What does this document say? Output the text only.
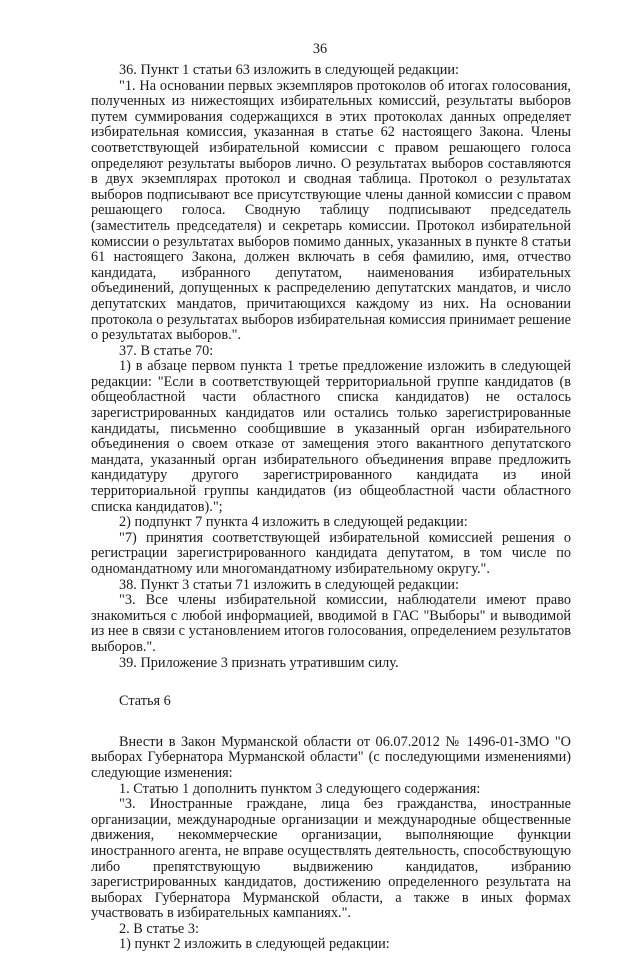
36

36. Пункт 1 статьи 63 изложить в следующей редакции:

"1. На основании первых экземпляров протоколов об итогах голосования, полученных из нижестоящих избирательных комиссий, результаты выборов путем суммирования содержащихся в этих протоколах данных определяет избирательная комиссия, указанная в статье 62 настоящего Закона. Члены соответствующей избирательной комиссии с правом решающего голоса определяют результаты выборов лично. О результатах выборов составляются в двух экземплярах протокол и сводная таблица. Протокол о результатах выборов подписывают все присутствующие члены данной комиссии с правом решающего голоса. Сводную таблицу подписывают председатель (заместитель председателя) и секретарь комиссии. Протокол избирательной комиссии о результатах выборов помимо данных, указанных в пункте 8 статьи 61 настоящего Закона, должен включать в себя фамилию, имя, отчество кандидата, избранного депутатом, наименования избирательных объединений, допущенных к распределению депутатских мандатов, и число депутатских мандатов, причитающихся каждому из них. На основании протокола о результатах выборов избирательная комиссия принимает решение о результатах выборов.".

37. В статье 70:

1) в абзаце первом пункта 1 третье предложение изложить в следующей редакции: "Если в соответствующей территориальной группе кандидатов (в общеобластной части областного списка кандидатов) не осталось зарегистрированных кандидатов или остались только зарегистрированные кандидаты, письменно сообщившие в указанный орган избирательного объединения о своем отказе от замещения этого вакантного депутатского мандата, указанный орган избирательного объединения вправе предложить кандидатуру другого зарегистрированного кандидата из иной территориальной группы кандидатов (из общеобластной части областного списка кандидатов).";

2) подпункт 7 пункта 4 изложить в следующей редакции:

"7) принятия соответствующей избирательной комиссией решения о регистрации зарегистрированного кандидата депутатом, в том числе по одномандатному или многомандатному избирательному округу.".

38. Пункт 3 статьи 71 изложить в следующей редакции:

"3. Все члены избирательной комиссии, наблюдатели имеют право знакомиться с любой информацией, вводимой в ГАС "Выборы" и выводимой из нее в связи с установлением итогов голосования, определением результатов выборов.".

39. Приложение 3 признать утратившим силу.

Статья 6

Внести в Закон Мурманской области от 06.07.2012 № 1496-01-ЗМО "О выборах Губернатора Мурманской области" (с последующими изменениями) следующие изменения:

1. Статью 1 дополнить пунктом 3 следующего содержания:

"3. Иностранные граждане, лица без гражданства, иностранные организации, международные организации и международные общественные движения, некоммерческие организации, выполняющие функции иностранного агента, не вправе осуществлять деятельность, способствующую либо препятствующую выдвижению кандидатов, избранию зарегистрированных кандидатов, достижению определенного результата на выборах Губернатора Мурманской области, а также в иных формах участвовать в избирательных кампаниях.".

2. В статье 3:

1) пункт 2 изложить в следующей редакции:
